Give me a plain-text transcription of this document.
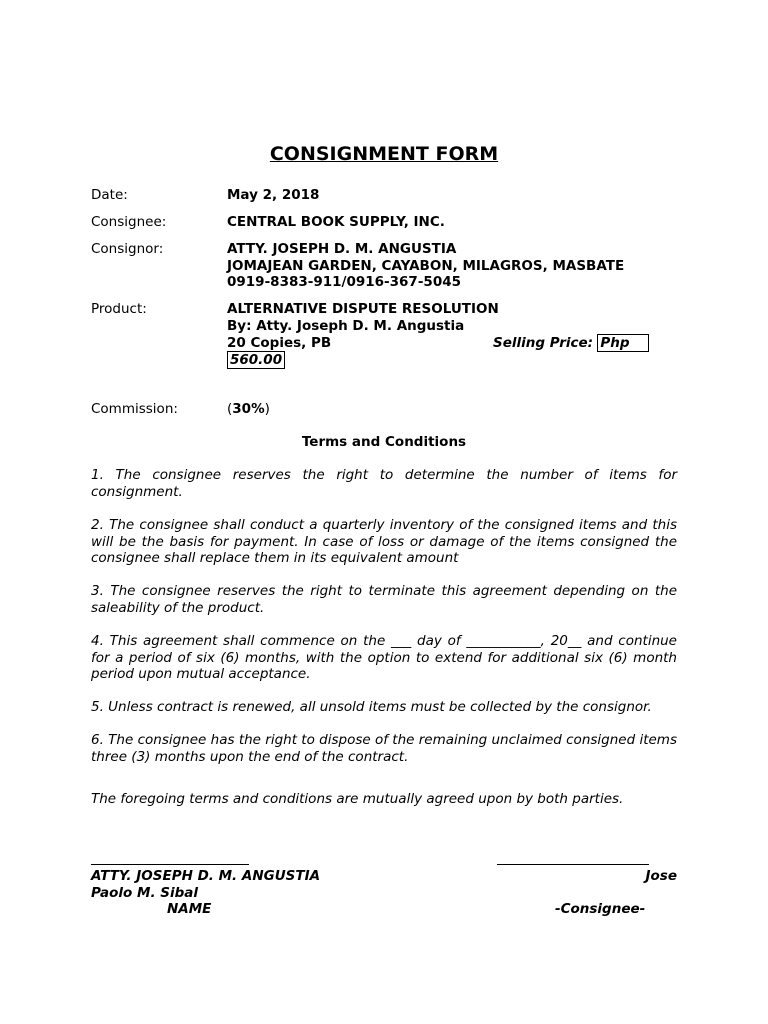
CONSIGNMENT FORM
Date:	May 2, 2018
Consignee:	CENTRAL BOOK SUPPLY, INC.
Consignor:	ATTY. JOSEPH D. M. ANGUSTIA
JOMAJEAN GARDEN, CAYABON, MILAGROS, MASBATE
0919-8383-911/0916-367-5045
Product:	ALTERNATIVE DISPUTE RESOLUTION
By: Atty. Joseph D. M. Angustia
20 Copies, PB	Selling Price: Php
560.00
Commission:	(30%)
Terms and Conditions
1. The consignee reserves the right to determine the number of items for consignment.
2. The consignee shall conduct a quarterly inventory of the consigned items and this will be the basis for payment. In case of loss or damage of the items consigned the consignee shall replace them in its equivalent amount
3. The consignee reserves the right to terminate this agreement depending on the saleability of the product.
4. This agreement shall commence on the ___ day of ___________, 20__ and continue for a period of six (6) months, with the option to extend for additional six (6) month period upon mutual acceptance.
5. Unless contract is renewed, all unsold items must be collected by the consignor.
6. The consignee has the right to dispose of the remaining unclaimed consigned items three (3) months upon the end of the contract.
The foregoing terms and conditions are mutually agreed upon by both parties.
ATTY. JOSEPH D. M. ANGUSTIA	Jose
Paolo M. Sibal
NAME	-Consignee-
